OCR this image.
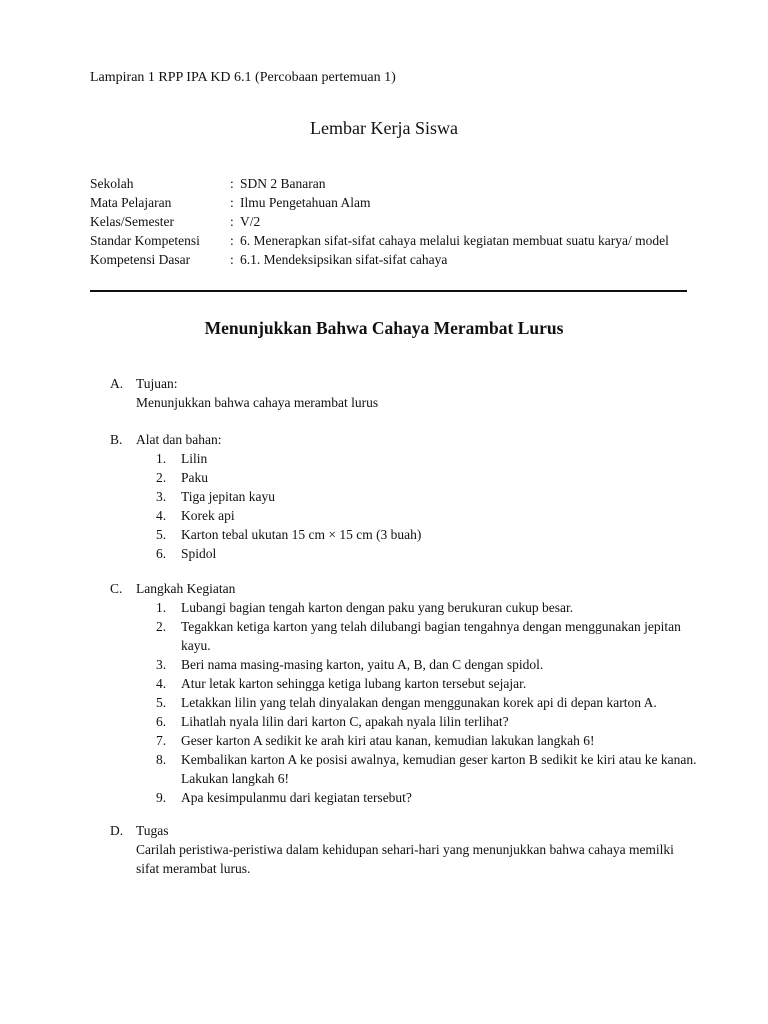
Lampiran 1 RPP IPA KD 6.1 (Percobaan pertemuan 1)
Lembar Kerja Siswa
Sekolah	: SDN 2 Banaran
Mata Pelajaran	: Ilmu Pengetahuan Alam
Kelas/Semester	: V/2
Standar Kompetensi	: 6. Menerapkan sifat-sifat cahaya melalui kegiatan membuat suatu karya/ model
Kompetensi Dasar	: 6.1. Mendeksipsikan sifat-sifat cahaya
Menunjukkan Bahwa Cahaya Merambat Lurus
A. Tujuan:
Menunjukkan bahwa cahaya merambat lurus
B.	Alat dan bahan:
1.	Lilin
2.	Paku
3.	Tiga jepitan kayu
4.	Korek api
5.	Karton tebal ukutan 15 cm × 15 cm (3 buah)
6.	Spidol
C.	Langkah Kegiatan
1.	Lubangi bagian tengah karton dengan paku yang berukuran cukup besar.
2.	Tegakkan ketiga karton yang telah dilubangi bagian tengahnya dengan menggunakan jepitan kayu.
3.	Beri nama masing-masing karton, yaitu A, B, dan C dengan spidol.
4.	Atur letak karton sehingga ketiga lubang karton tersebut sejajar.
5.	Letakkan lilin yang telah dinyalakan dengan menggunakan korek api di depan karton A.
6.	Lihatlah nyala lilin dari karton C, apakah nyala lilin terlihat?
7.	Geser karton A sedikit ke arah kiri atau kanan, kemudian lakukan langkah 6!
8.	Kembalikan karton A ke posisi awalnya, kemudian geser karton B sedikit ke kiri atau ke kanan. Lakukan langkah 6!
9.	Apa kesimpulanmu dari kegiatan tersebut?
D. Tugas
Carilah peristiwa-peristiwa dalam kehidupan sehari-hari yang menunjukkan bahwa cahaya memilki sifat merambat lurus.
